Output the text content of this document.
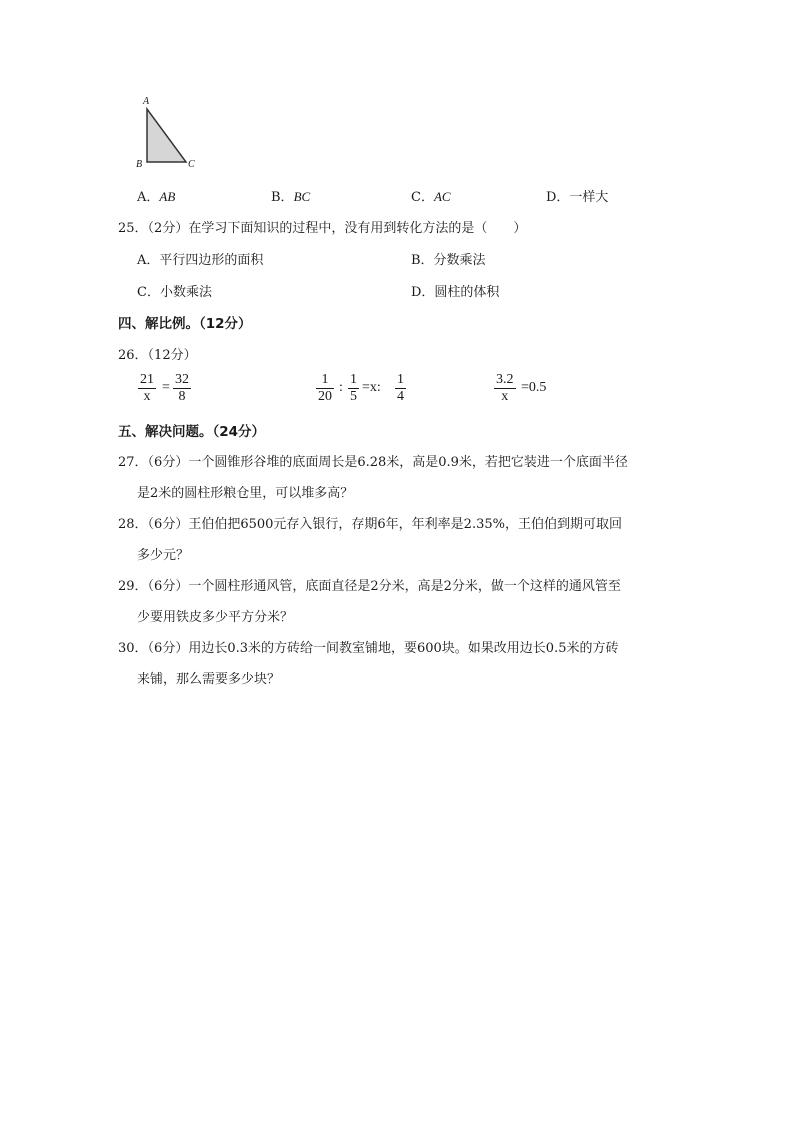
A
B	C
A．AB	B．BC	C．AC	D．一样大
25．（2分）在学习下面知识的过程中，没有用到转化方法的是（　　）
A．平行四边形的面积	B．分数乘法
C．小数乘法	D．圆柱的体积
四、解比例。（12分）
26．（12分）
$\frac{21}{x} = \frac{32}{8}$	$\frac{1}{20}$ : $\frac{1}{5} =x$: $\frac{1}{4}$	$\frac{3.2}{x} =0.5$
五、解决问题。（24分）
27．（6分）一个圆锥形谷堆的底面周长是6.28米，高是0.9米，若把它装进一个底面半径
是2米的圆柱形粮仓里，可以堆多高？
28．（6分）王伯伯把6500元存入银行，存期6年，年利率是2.35%，王伯伯到期可取回
多少元？
29．（6分）一个圆柱形通风管，底面直径是2分米，高是2分米，做一个这样的通风管至
少要用铁皮多少平方分米？
30．（6分）用边长0.3米的方砖给一间教室铺地，要600块。如果改用边长0.5米的方砖
来铺，那么需要多少块？
